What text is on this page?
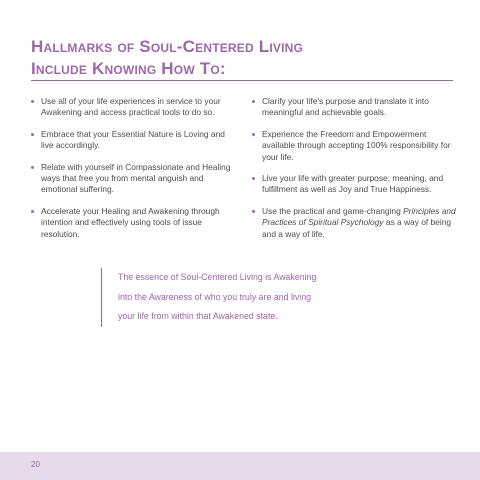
Hallmarks of Soul-Centered Living
Include Knowing How To:
Use all of your life experiences in service to your Awakening and access practical tools to do so.
Embrace that your Essential Nature is Loving and live accordingly.
Relate with yourself in Compassionate and Healing ways that free you from mental anguish and emotional suffering.
Accelerate your Healing and Awakening through intention and effectively using tools of issue resolution.
Clarify your life's purpose and translate it into meaningful and achievable goals.
Experience the Freedom and Empowerment available through accepting 100% responsibility for your life.
Live your life with greater purpose, meaning, and fulfillment as well as Joy and True Happiness.
Use the practical and game-changing Principles and Practices of Spiritual Psychology as a way of being and a way of life.
The essence of Soul-Centered Living is Awakening
into the Awareness of who you truly are and living
your life from within that Awakened state.
20
